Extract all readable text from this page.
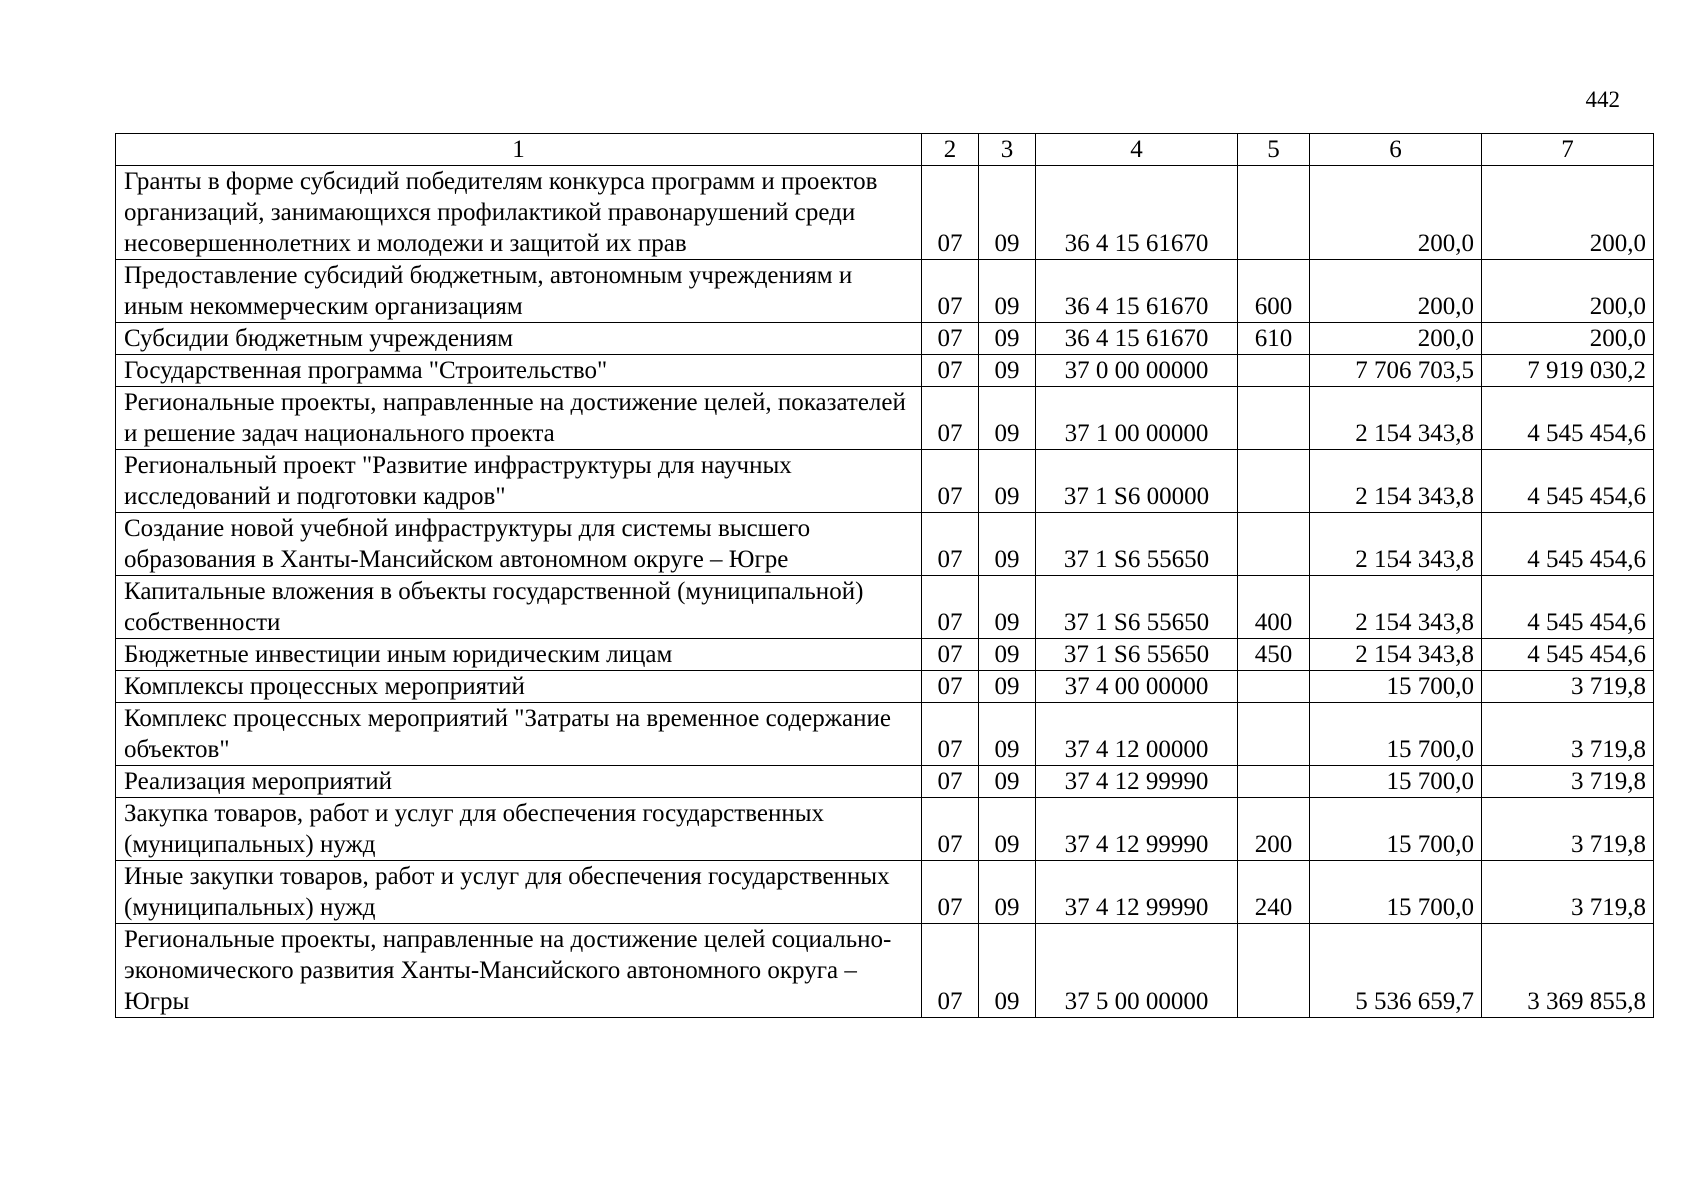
442
1	2	3	4	5	6	7
Гранты в форме субсидий победителям конкурса программ и проектов организаций, занимающихся профилактикой правонарушений среди несовершеннолетних и молодежи и защитой их прав	07	09	36 4 15 61670		200,0	200,0
Предоставление субсидий бюджетным, автономным учреждениям и иным некоммерческим организациям	07	09	36 4 15 61670	600	200,0	200,0
Субсидии бюджетным учреждениям	07	09	36 4 15 61670	610	200,0	200,0
Государственная программа "Строительство"	07	09	37 0 00 00000		7 706 703,5	7 919 030,2
Региональные проекты, направленные на достижение целей, показателей и решение задач национального проекта	07	09	37 1 00 00000		2 154 343,8	4 545 454,6
Региональный проект "Развитие инфраструктуры для научных исследований и подготовки кадров"	07	09	37 1 S6 00000		2 154 343,8	4 545 454,6
Создание новой учебной инфраструктуры для системы высшего образования в Ханты-Мансийском автономном округе – Югре	07	09	37 1 S6 55650		2 154 343,8	4 545 454,6
Капитальные вложения в объекты государственной (муниципальной) собственности	07	09	37 1 S6 55650	400	2 154 343,8	4 545 454,6
Бюджетные инвестиции иным юридическим лицам	07	09	37 1 S6 55650	450	2 154 343,8	4 545 454,6
Комплексы процессных мероприятий	07	09	37 4 00 00000		15 700,0	3 719,8
Комплекс процессных мероприятий "Затраты на временное содержание объектов"	07	09	37 4 12 00000		15 700,0	3 719,8
Реализация мероприятий	07	09	37 4 12 99990		15 700,0	3 719,8
Закупка товаров, работ и услуг для обеспечения государственных (муниципальных) нужд	07	09	37 4 12 99990	200	15 700,0	3 719,8
Иные закупки товаров, работ и услуг для обеспечения государственных (муниципальных) нужд	07	09	37 4 12 99990	240	15 700,0	3 719,8
Региональные проекты, направленные на достижение целей социально-экономического развития Ханты-Мансийского автономного округа – Югры	07	09	37 5 00 00000		5 536 659,7	3 369 855,8
